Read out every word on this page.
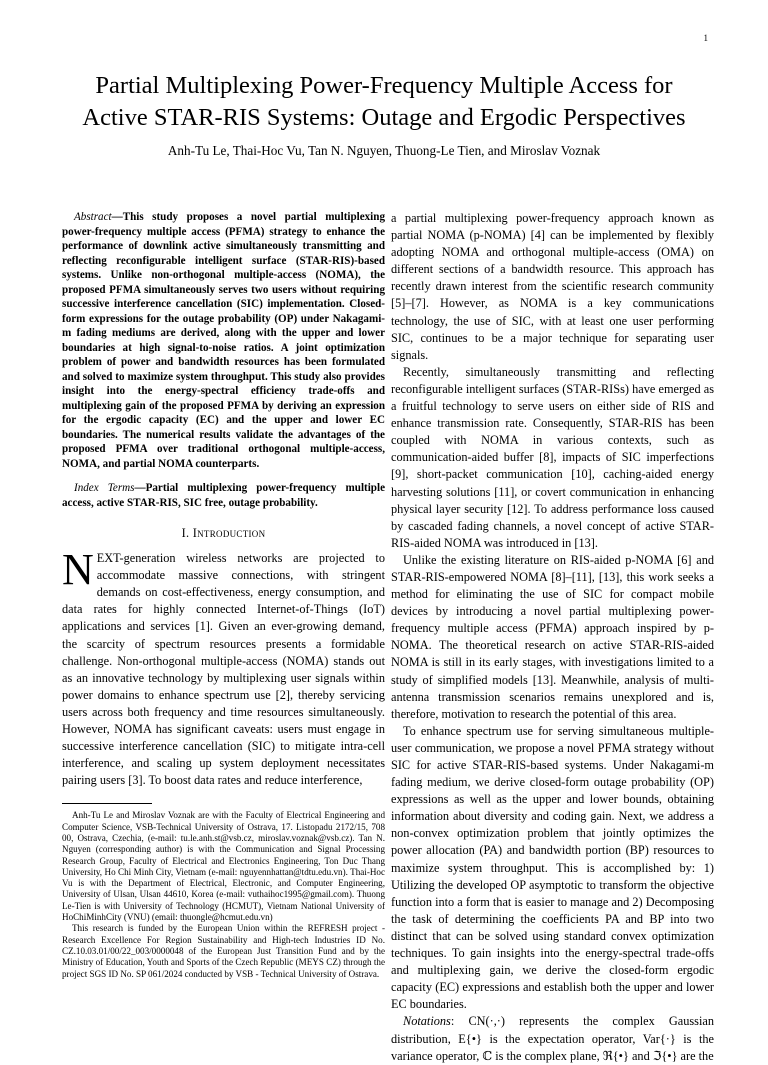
1
Partial Multiplexing Power-Frequency Multiple Access for
Active STAR-RIS Systems: Outage and Ergodic Perspectives
Anh-Tu Le, Thai-Hoc Vu, Tan N. Nguyen, Thuong-Le Tien, and Miroslav Voznak

Abstract—This study proposes a novel partial multiplexing power-frequency multiple access (PFMA) strategy to enhance the performance of downlink active simultaneously transmitting and reflecting reconfigurable intelligent surface (STAR-RIS)-based systems. Unlike non-orthogonal multiple-access (NOMA), the proposed PFMA simultaneously serves two users without requiring successive interference cancellation (SIC) implementation. Closed-form expressions for the outage probability (OP) under Nakagami-m fading mediums are derived, along with the upper and lower boundaries at high signal-to-noise ratios. A joint optimization problem of power and bandwidth resources has been formulated and solved to maximize system throughput. This study also provides insight into the energy-spectral efficiency trade-offs and multiplexing gain of the proposed PFMA by deriving an expression for the ergodic capacity (EC) and the upper and lower EC boundaries. The numerical results validate the advantages of the proposed PFMA over traditional orthogonal multiple-access, NOMA, and partial NOMA counterparts.

Index Terms—Partial multiplexing power-frequency multiple access, active STAR-RIS, SIC free, outage probability.

I. Introduction

NEXT-generation wireless networks are projected to accommodate massive connections, with stringent demands on cost-effectiveness, energy consumption, and data rates for highly connected Internet-of-Things (IoT) applications and services [1]. Given an ever-growing demand, the scarcity of spectrum resources presents a formidable challenge. Non-orthogonal multiple-access (NOMA) stands out as an innovative technology by multiplexing user signals within power domains to enhance spectrum use [2], thereby servicing users across both frequency and time resources simultaneously. However, NOMA has significant caveats: users must engage in successive interference cancellation (SIC) to mitigate intra-cell interference, and scaling up system deployment necessitates pairing users [3]. To boost data rates and reduce interference,

Anh-Tu Le and Miroslav Voznak are with the Faculty of Electrical Engineering and Computer Science, VSB-Technical University of Ostrava, 17. Listopadu 2172/15, 708 00, Ostrava, Czechia, (e-mail: tu.le.anh.st@vsb.cz, miroslav.voznak@vsb.cz). Tan N. Nguyen (corresponding author) is with the Communication and Signal Processing Research Group, Faculty of Electrical and Electronics Engineering, Ton Duc Thang University, Ho Chi Minh City, Vietnam (e-mail: nguyennhattan@tdtu.edu.vn). Thai-Hoc Vu is with the Department of Electrical, Electronic, and Computer Engineering, University of Ulsan, Ulsan 44610, Korea (e-mail: vuthaihoc1995@gmail.com). Thuong Le-Tien is with University of Technology (HCMUT), Vietnam National University of HoChiMinhCity (VNU) (email: thuongle@hcmut.edu.vn)

This research is funded by the European Union within the REFRESH project - Research Excellence For Region Sustainability and High-tech Industries ID No. CZ.10.03.01/00/22_003/0000048 of the European Just Transition Fund and by the Ministry of Education, Youth and Sports of the Czech Republic (MEYS CZ) through the project SGS ID No. SP 061/2024 conducted by VSB - Technical University of Ostrava.

a partial multiplexing power-frequency approach known as partial NOMA (p-NOMA) [4] can be implemented by flexibly adopting NOMA and orthogonal multiple-access (OMA) on different sections of a bandwidth resource. This approach has recently drawn interest from the scientific research community [5]–[7]. However, as NOMA is a key communications technology, the use of SIC, with at least one user performing SIC, continues to be a major technique for separating user signals.

Recently, simultaneously transmitting and reflecting reconfigurable intelligent surfaces (STAR-RISs) have emerged as a fruitful technology to serve users on either side of RIS and enhance transmission rate. Consequently, STAR-RIS has been coupled with NOMA in various contexts, such as communication-aided buffer [8], impacts of SIC imperfections [9], short-packet communication [10], caching-aided energy harvesting solutions [11], or covert communication in enhancing physical layer security [12]. To address performance loss caused by cascaded fading channels, a novel concept of active STAR-RIS-aided NOMA was introduced in [13].

Unlike the existing literature on RIS-aided p-NOMA [6] and STAR-RIS-empowered NOMA [8]–[11], [13], this work seeks a method for eliminating the use of SIC for compact mobile devices by introducing a novel partial multiplexing power-frequency multiple access (PFMA) approach inspired by p-NOMA. The theoretical research on active STAR-RIS-aided NOMA is still in its early stages, with investigations limited to a study of simplified models [13]. Meanwhile, analysis of multi-antenna transmission scenarios remains unexplored and is, therefore, motivation to research the potential of this area.

To enhance spectrum use for serving simultaneous multiple-user communication, we propose a novel PFMA strategy without SIC for active STAR-RIS-based systems. Under Nakagami-m fading medium, we derive closed-form outage probability (OP) expressions as well as the upper and lower bounds, obtaining information about diversity and coding gain. Next, we address a non-convex optimization problem that jointly optimizes the power allocation (PA) and bandwidth portion (BP) resources to maximize system throughput. This is accomplished by: 1) Utilizing the developed OP asymptotic to transform the objective function into a form that is easier to manage and 2) Decomposing the task of determining the coefficients PA and BP into two distinct that can be solved using standard convex optimization techniques. To gain insights into the energy-spectral trade-offs and multiplexing gain, we derive the closed-form ergodic capacity (EC) expressions and establish both the upper and lower EC boundaries.

Notations: CN(·,·) represents the complex Gaussian distribution, E{•} is the expectation operator, Var{·} is the variance operator, ℂ is the complex plane, ℜ{•} and ℑ{•} are the
